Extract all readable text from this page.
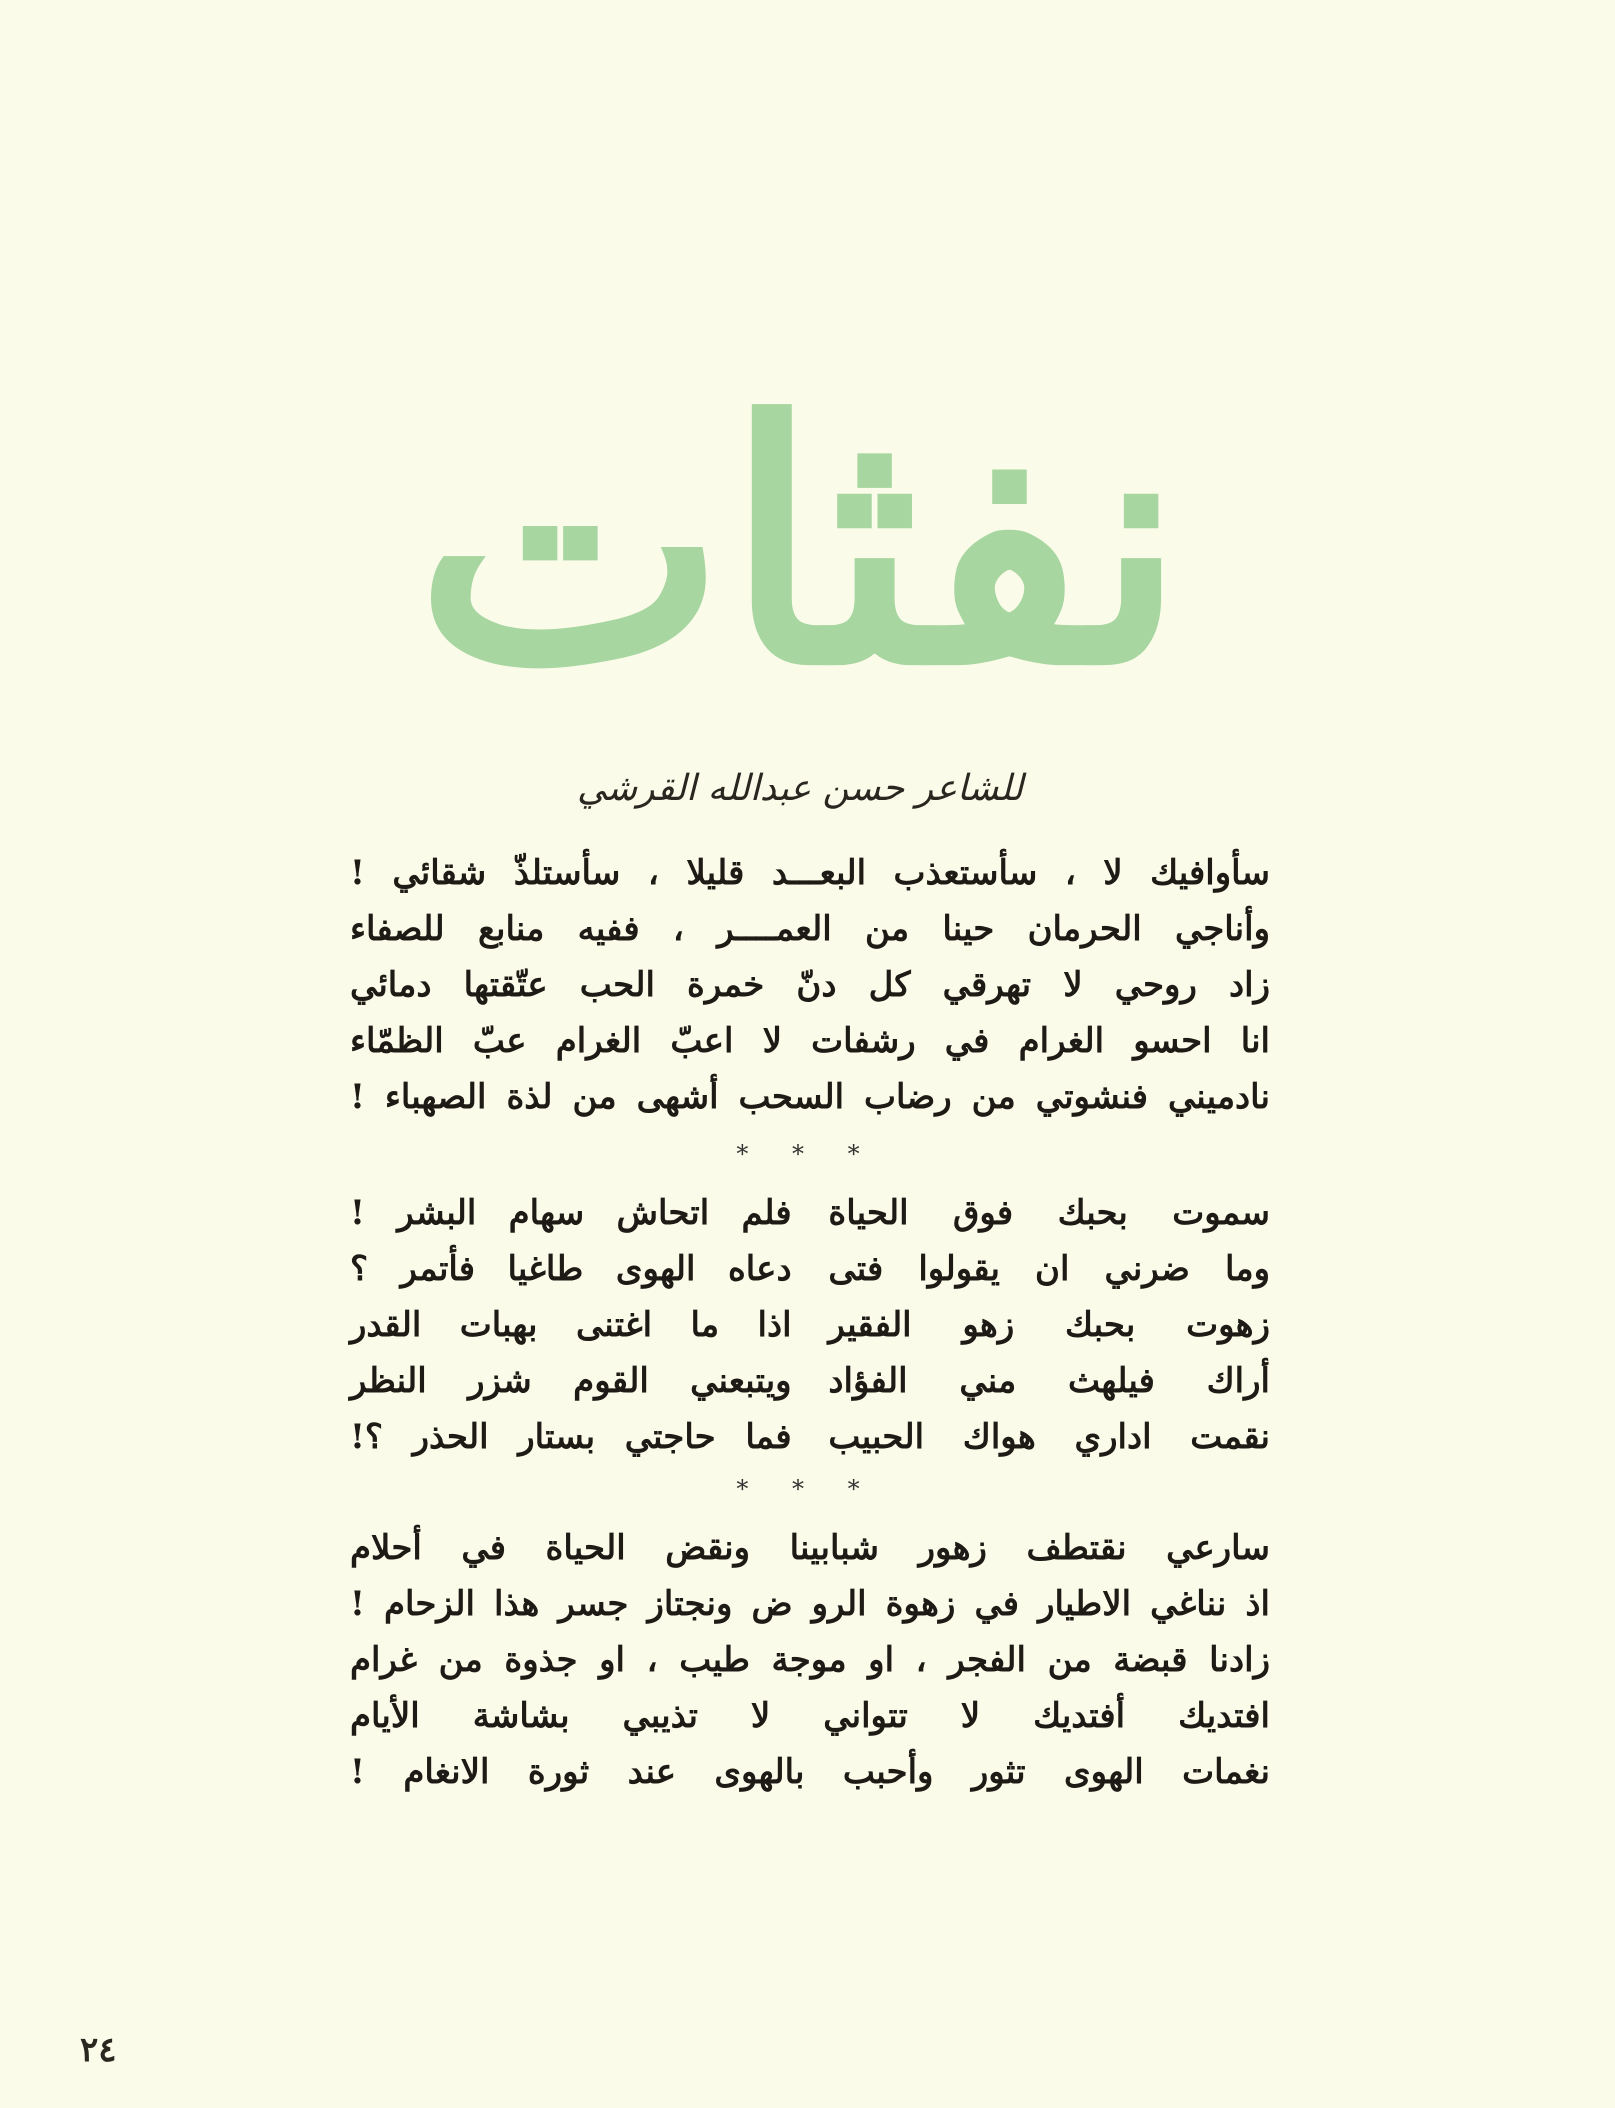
نفثات
للشاعر حسن عبدالله القرشي
سأوافيك لا ، سأستعذب البعـــد قليلا ، سأستلذّ شقائي !
وأناجي الحرمان حينا من العمــــر ، ففيه منابع للصفاء
زاد روحي لا تهرقي كل دنّ خمرة الحب عتّقتها دمائي
انا احسو الغرام في رشفات لا اعبّ الغرام عبّ الظمّاء
نادميني فنشوتي من رضاب السحب أشهى من لذة الصهباء !
* * *
سموت بحبك فوق الحياة
فلم اتحاش سهام البشر !
وما ضرني ان يقولوا فتى
دعاه الهوى طاغيا فأتمر ؟
زهوت بحبك زهو الفقير
اذا ما اغتنى بهبات القدر
أراك فيلهث مني الفؤاد
ويتبعني القوم شزر النظر
نقمت اداري هواك الحبيب
فما حاجتي بستار الحذر ؟!
* * *
سارعي نقتطف زهور شبابينا ونقض الحياة في أحلام
اذ نناغي الاطيار في زهوة الرو ض ونجتاز جسر هذا الزحام !
زادنا قبضة من الفجر ، او موجة طيب ، او جذوة من غرام
افتديك أفتديك لا تتواني لا تذيبي بشاشة الأيام
نغمات الهوى تثور وأحبب بالهوى عند ثورة الانغام !
٢٤
